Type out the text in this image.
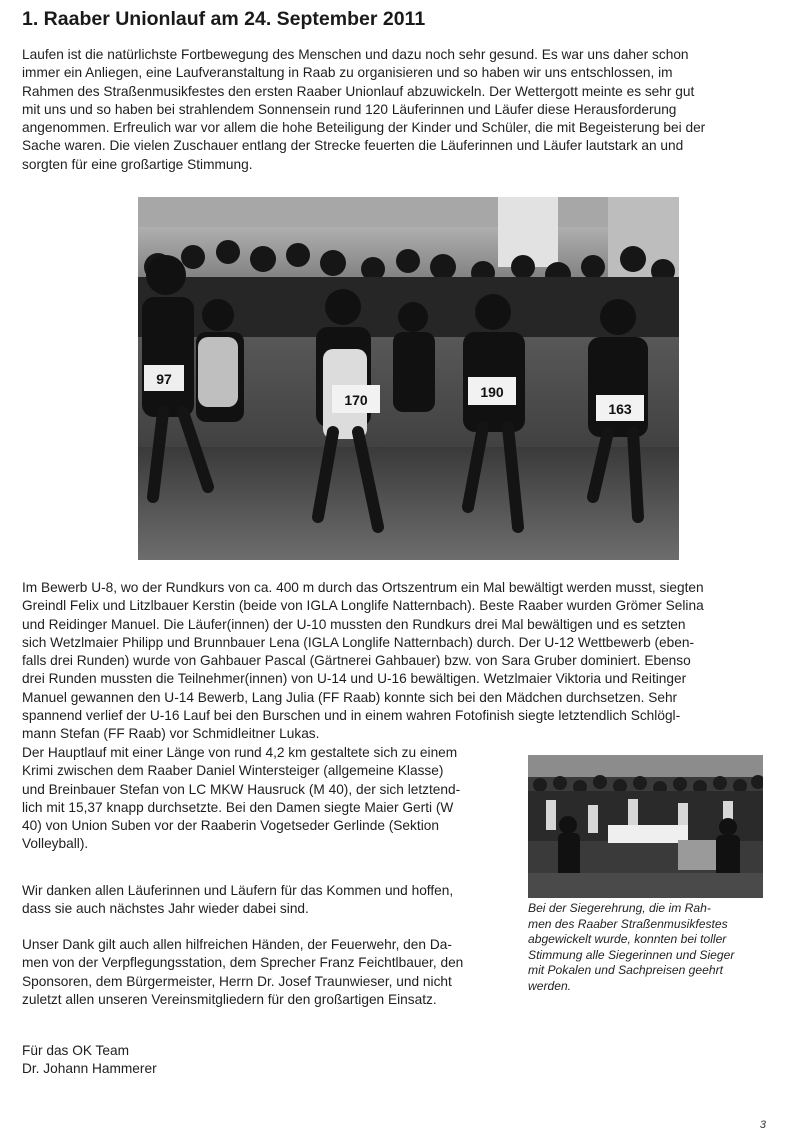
1. Raaber Unionlauf am 24. September 2011
Laufen ist die natürlichste Fortbewegung des Menschen und dazu noch sehr gesund. Es war uns daher schon
immer ein Anliegen, eine Laufveranstaltung in Raab zu organisieren und so haben wir uns entschlossen, im
Rahmen des Straßenmusikfestes den ersten Raaber Unionlauf abzuwickeln. Der Wettergott meinte es sehr gut
mit uns und so haben bei strahlendem Sonnensein rund 120 Läuferinnen und Läufer diese Herausforderung
angenommen. Erfreulich war vor allem die hohe Beteiligung der Kinder und Schüler, die mit Begeisterung bei der
Sache waren. Die vielen Zuschauer entlang der Strecke feuerten die Läuferinnen und Läufer lautstark an und
sorgten für eine großartige Stimmung.
97
170	190
163
Im Bewerb U-8, wo der Rundkurs von ca. 400 m durch das Ortszentrum ein Mal bewältigt werden musst, siegten
Greindl Felix und Litzlbauer Kerstin (beide von IGLA Longlife Natternbach). Beste Raaber wurden Grömer Selina
und Reidinger Manuel. Die Läufer(innen) der U-10 mussten den Rundkurs drei Mal bewältigen und es setzten
sich Wetzlmaier Philipp und Brunnbauer Lena (IGLA Longlife Natternbach) durch. Der U-12 Wettbewerb (eben-
falls drei Runden) wurde von Gahbauer Pascal (Gärtnerei Gahbauer) bzw. von Sara Gruber dominiert. Ebenso
drei Runden mussten die Teilnehmer(innen) von U-14 und U-16 bewältigen. Wetzlmaier Viktoria und Reitinger
Manuel gewannen den U-14 Bewerb, Lang Julia (FF Raab) konnte sich bei den Mädchen durchsetzen. Sehr
spannend verlief der U-16 Lauf bei den Burschen und in einem wahren Fotofinish siegte letztendlich Schlögl-
mann Stefan (FF Raab) vor Schmidleitner Lukas.
Der Hauptlauf mit einer Länge von rund 4,2 km gestaltete sich zu einem
Krimi zwischen dem Raaber Daniel Wintersteiger (allgemeine Klasse)
und Breinbauer Stefan von LC MKW Hausruck (M 40), der sich letztend-
lich mit 15,37 knapp durchsetzte. Bei den Damen siegte Maier Gerti (W
40) von Union Suben vor der Raaberin Vogetseder Gerlinde (Sektion
Volleyball).
Bei der Siegerehrung, die im Rah-
men des Raaber Straßenmusikfestes
abgewickelt wurde, konnten bei toller
Stimmung alle Siegerinnen und Sieger
mit Pokalen und Sachpreisen geehrt
werden.
Wir danken allen Läuferinnen und Läufern für das Kommen und hoffen,
dass sie auch nächstes Jahr wieder dabei sind.
Unser Dank gilt auch allen hilfreichen Händen, der Feuerwehr, den Da-
men von der Verpflegungsstation, dem Sprecher Franz Feichtlbauer, den
Sponsoren, dem Bürgermeister, Herrn Dr. Josef Traunwieser, und nicht
zuletzt allen unseren Vereinsmitgliedern für den großartigen Einsatz.
Für das OK Team
Dr. Johann Hammerer
3
